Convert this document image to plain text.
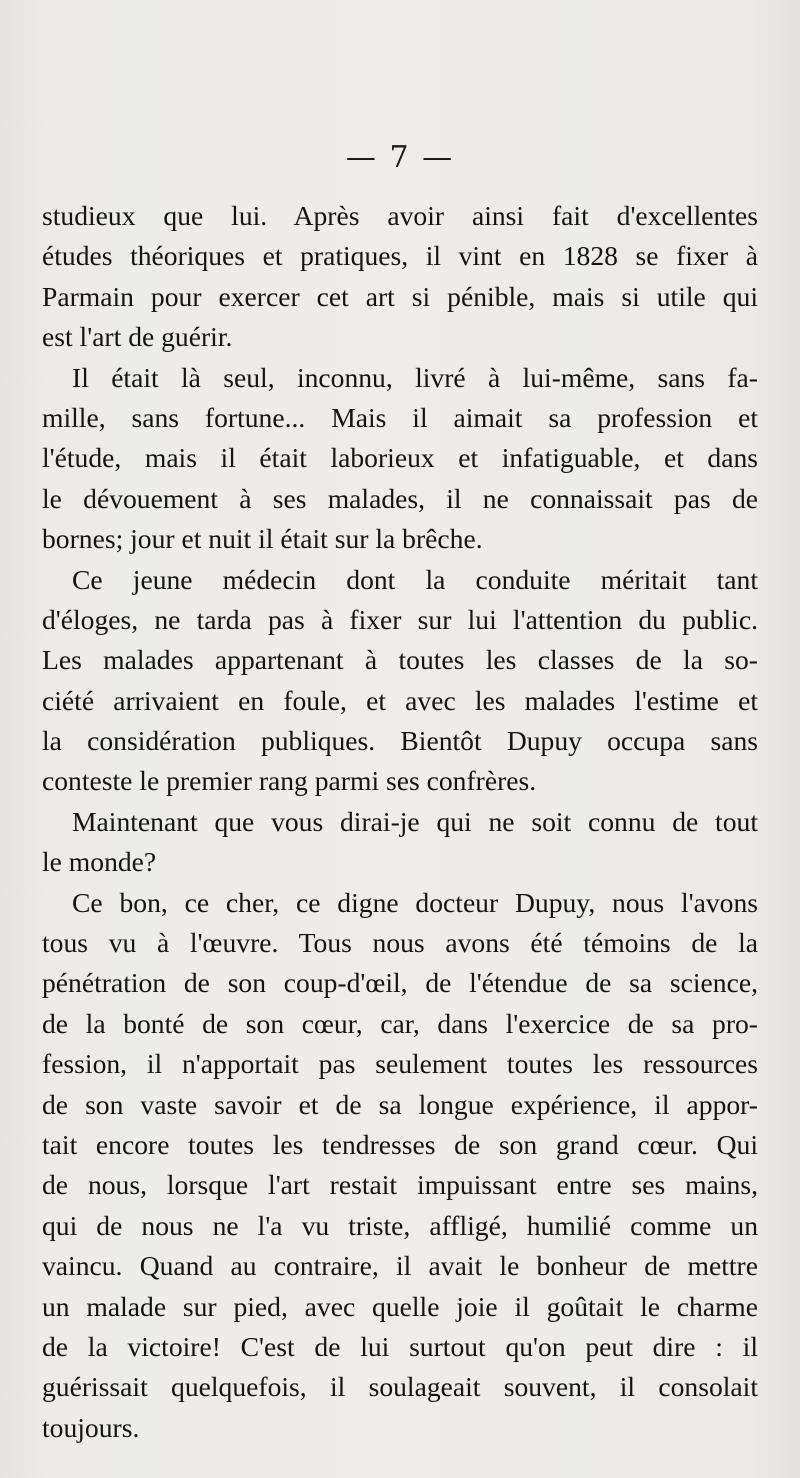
— 7 —
studieux que lui. Après avoir ainsi fait d'excellentes
études théoriques et pratiques, il vint en 1828 se fixer à
Parmain pour exercer cet art si pénible, mais si utile qui
est l'art de guérir.
Il était là seul, inconnu, livré à lui-même, sans fa-
mille, sans fortune... Mais il aimait sa profession et
l'étude, mais il était laborieux et infatiguable, et dans
le dévouement à ses malades, il ne connaissait pas de
bornes; jour et nuit il était sur la brêche.
Ce jeune médecin dont la conduite méritait tant
d'éloges, ne tarda pas à fixer sur lui l'attention du public.
Les malades appartenant à toutes les classes de la so-
ciété arrivaient en foule, et avec les malades l'estime et
la considération publiques. Bientôt Dupuy occupa sans
conteste le premier rang parmi ses confrères.
Maintenant que vous dirai-je qui ne soit connu de tout
le monde?
Ce bon, ce cher, ce digne docteur Dupuy, nous l'avons
tous vu à l'œuvre. Tous nous avons été témoins de la
pénétration de son coup-d'œil, de l'étendue de sa science,
de la bonté de son cœur, car, dans l'exercice de sa pro-
fession, il n'apportait pas seulement toutes les ressources
de son vaste savoir et de sa longue expérience, il appor-
tait encore toutes les tendresses de son grand cœur. Qui
de nous, lorsque l'art restait impuissant entre ses mains,
qui de nous ne l'a vu triste, affligé, humilié comme un
vaincu. Quand au contraire, il avait le bonheur de mettre
un malade sur pied, avec quelle joie il goûtait le charme
de la victoire! C'est de lui surtout qu'on peut dire : il
guérissait quelquefois, il soulageait souvent, il consolait
toujours.
